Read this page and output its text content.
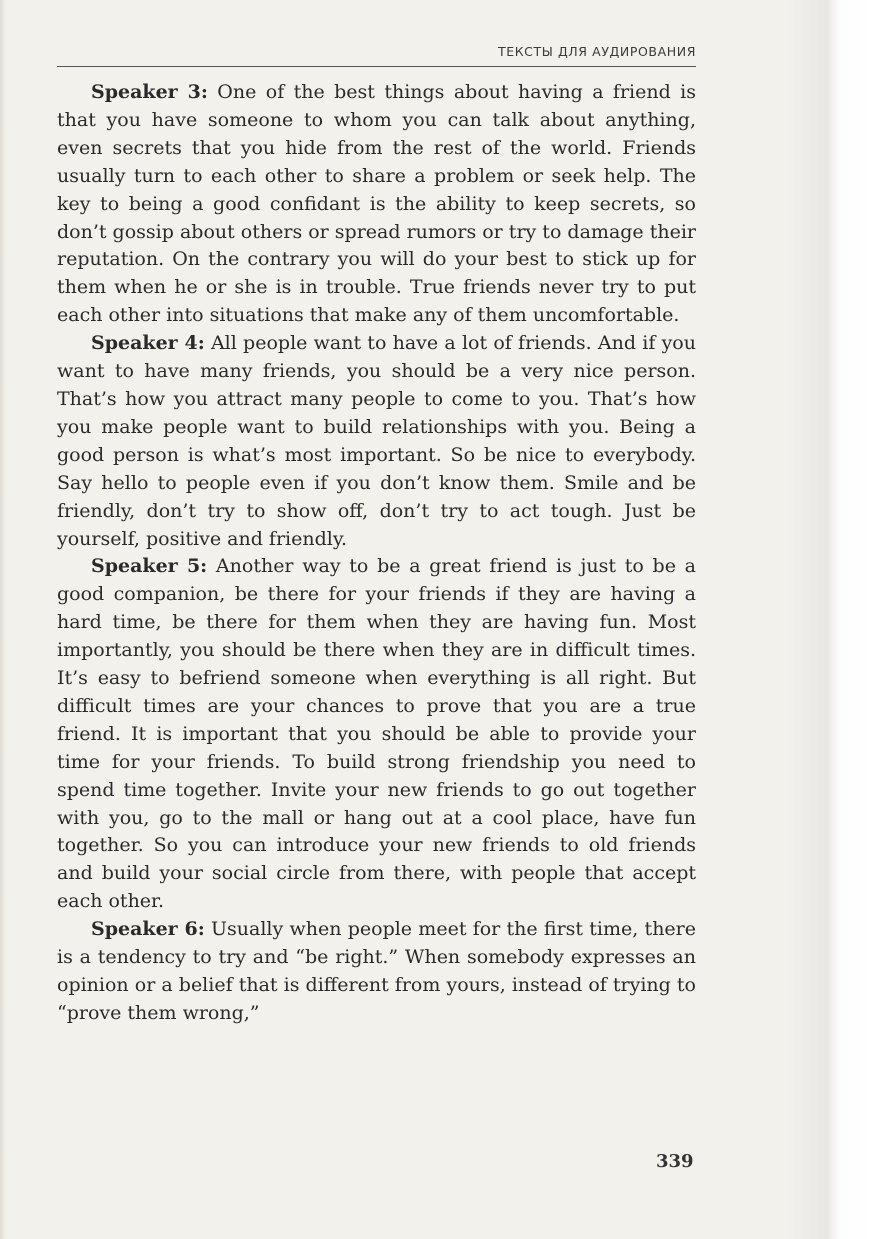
ТЕКСТЫ ДЛЯ АУДИРОВАНИЯ

Speaker 3: One of the best things about having a friend is that you have someone to whom you can talk about anything, even secrets that you hide from the rest of the world. Friends usually turn to each other to share a problem or seek help. The key to being a good confidant is the ability to keep secrets, so don’t gossip about others or spread rumors or try to damage their reputation. On the contrary you will do your best to stick up for them when he or she is in trouble. True friends never try to put each other into situations that make any of them uncomfortable.

Speaker 4: All people want to have a lot of friends. And if you want to have many friends, you should be a very nice person. That’s how you attract many people to come to you. That’s how you make people want to build relationships with you. Being a good person is what’s most important. So be nice to everybody. Say hello to people even if you don’t know them. Smile and be friendly, don’t try to show off, don’t try to act tough. Just be yourself, positive and friendly.

Speaker 5: Another way to be a great friend is just to be a good companion, be there for your friends if they are having a hard time, be there for them when they are having fun. Most importantly, you should be there when they are in difficult times. It’s easy to befriend someone when everything is all right. But difficult times are your chances to prove that you are a true friend. It is important that you should be able to provide your time for your friends. To build strong friendship you need to spend time together. Invite your new friends to go out together with you, go to the mall or hang out at a cool place, have fun together. So you can introduce your new friends to old friends and build your social circle from there, with people that accept each other.

Speaker 6: Usually when people meet for the first time, there is a tendency to try and “be right.” When somebody expresses an opinion or a belief that is different from yours, instead of trying to “prove them wrong,”

339
